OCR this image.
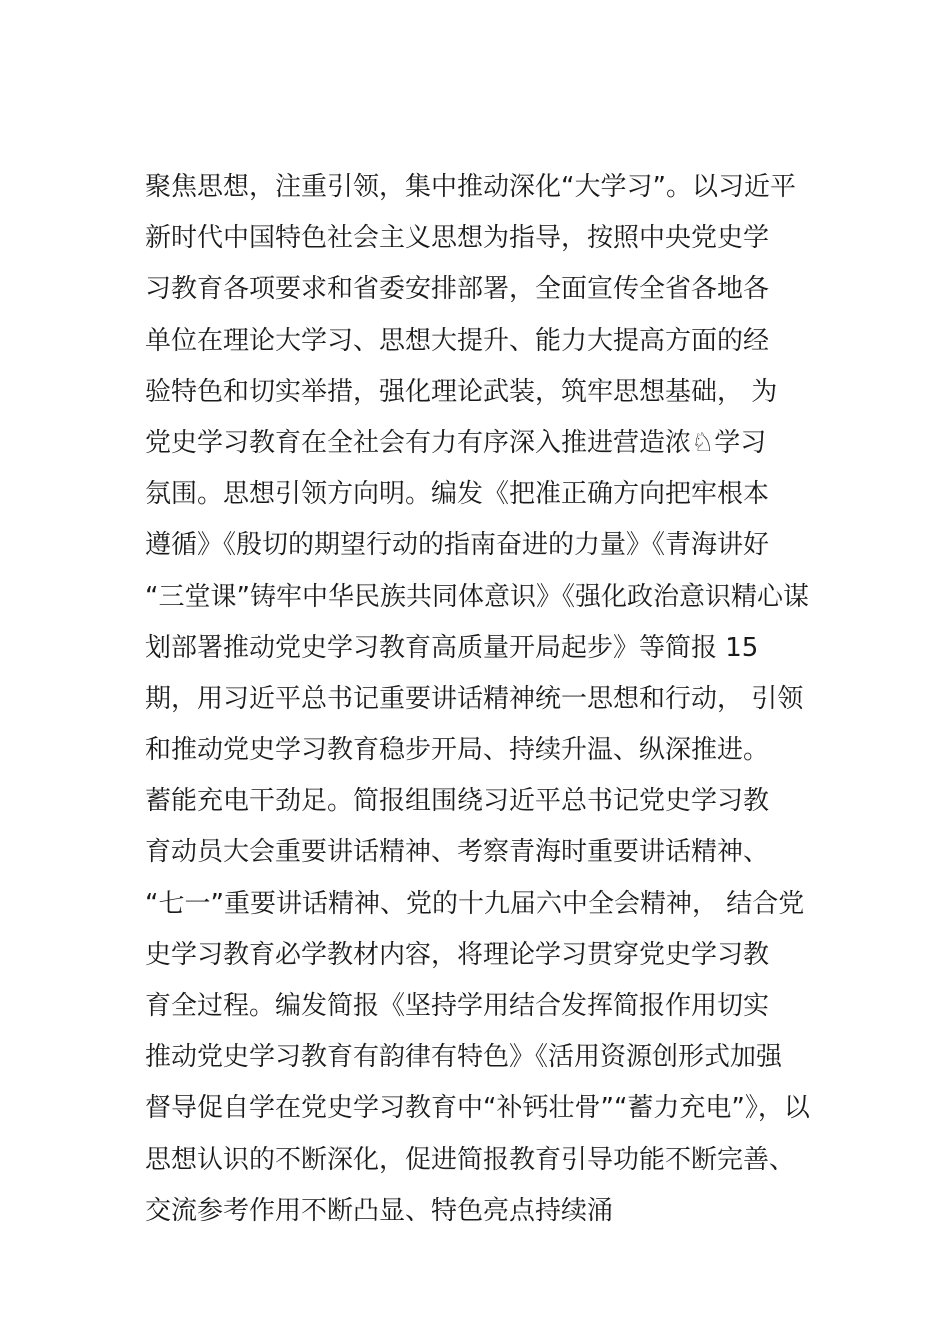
聚焦思想，注重引领，集中推动深化“大学习”。以习近平
新时代中国特色社会主义思想为指导，按照中央党史学
习教育各项要求和省委安排部署，全面宣传全省各地各
单位在理论大学习、思想大提升、能力大提高方面的经
验特色和切实举措，强化理论武装，筑牢思想基础， 为
党史学习教育在全社会有力有序深入推进营造浓♘学习
氛围。思想引领方向明。编发《把准正确方向把牢根本
遵循》《殷切的期望行动的指南奋进的力量》《青海讲好
“三堂课”铸牢中华民族共同体意识》《强化政治意识精心谋
划部署推动党史学习教育高质量开局起步》等简报 15
期，用习近平总书记重要讲话精神统一思想和行动， 引领
和推动党史学习教育稳步开局、持续升温、纵深推进。
蓄能充电干劲足。简报组围绕习近平总书记党史学习教
育动员大会重要讲话精神、考察青海时重要讲话精神、
“七一”重要讲话精神、党的十九届六中全会精神， 结合党
史学习教育必学教材内容，将理论学习贯穿党史学习教
育全过程。编发简报《坚持学用结合发挥简报作用切实
推动党史学习教育有韵律有特色》《活用资源创形式加强
督导促自学在党史学习教育中“补钙壮骨”“蓄力充电”》，以
思想认识的不断深化，促进简报教育引导功能不断完善、
交流参考作用不断凸显、特色亮点持续涌
